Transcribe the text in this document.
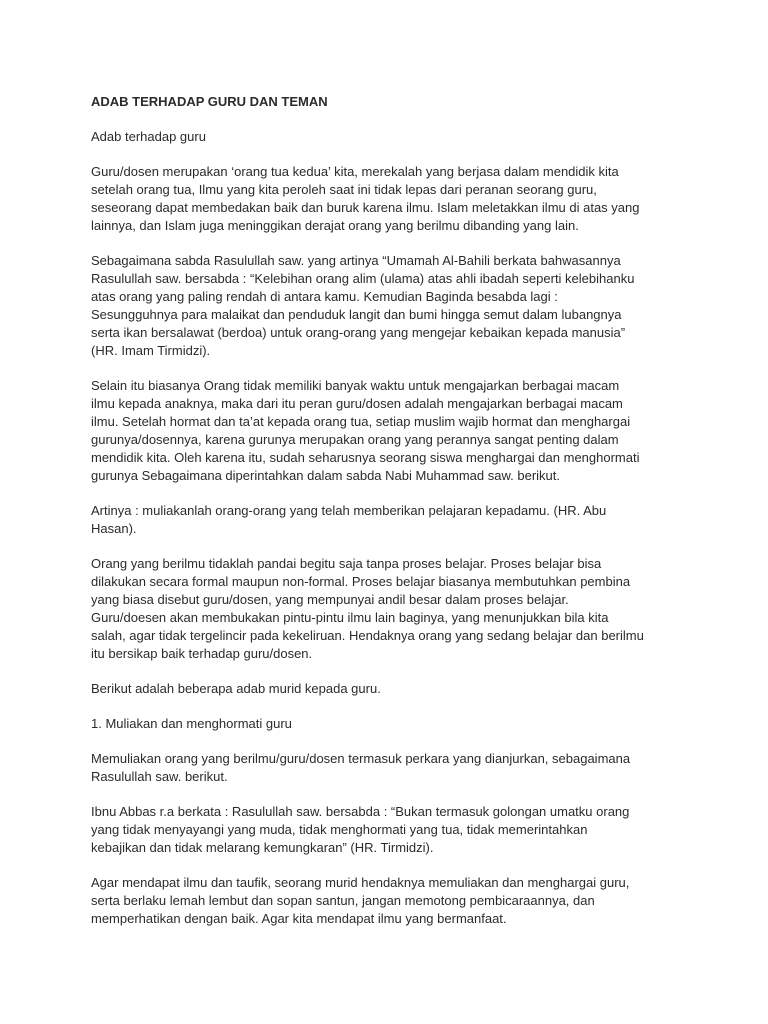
ADAB TERHADAP GURU DAN TEMAN
Adab terhadap guru
Guru/dosen merupakan ‘orang tua kedua’ kita, merekalah yang berjasa dalam mendidik kita
setelah orang tua, Ilmu yang kita peroleh saat ini tidak lepas dari peranan seorang guru,
seseorang dapat membedakan baik dan buruk karena ilmu. Islam meletakkan ilmu di atas yang
lainnya, dan Islam juga meninggikan derajat orang yang berilmu dibanding yang lain.
Sebagaimana sabda Rasulullah saw. yang artinya “Umamah Al-Bahili berkata bahwasannya
Rasulullah saw. bersabda : “Kelebihan orang alim (ulama) atas ahli ibadah seperti kelebihanku
atas orang yang paling rendah di antara kamu. Kemudian Baginda besabda lagi :
Sesungguhnya para malaikat dan penduduk langit dan bumi hingga semut dalam lubangnya
serta ikan bersalawat (berdoa) untuk orang-orang yang mengejar kebaikan kepada manusia”
(HR. Imam Tirmidzi).
Selain itu biasanya Orang tidak memiliki banyak waktu untuk mengajarkan berbagai macam
ilmu kepada anaknya, maka dari itu peran guru/dosen adalah mengajarkan berbagai macam
ilmu. Setelah hormat dan ta’at kepada orang tua, setiap muslim wajib hormat dan menghargai
gurunya/dosennya, karena gurunya merupakan orang yang perannya sangat penting dalam
mendidik kita. Oleh karena itu, sudah seharusnya seorang siswa menghargai dan menghormati
gurunya Sebagaimana diperintahkan dalam sabda Nabi Muhammad saw. berikut.
Artinya : muliakanlah orang-orang yang telah memberikan pelajaran kepadamu. (HR. Abu
Hasan).
Orang yang berilmu tidaklah pandai begitu saja tanpa proses belajar. Proses belajar bisa
dilakukan secara formal maupun non-formal. Proses belajar biasanya membutuhkan pembina
yang biasa disebut guru/dosen, yang mempunyai andil besar dalam proses belajar.
Guru/doesen akan membukakan pintu-pintu ilmu lain baginya, yang menunjukkan bila kita
salah, agar tidak tergelincir pada kekeliruan. Hendaknya orang yang sedang belajar dan berilmu
itu bersikap baik terhadap guru/dosen.
Berikut adalah beberapa adab murid kepada guru.
1. Muliakan dan menghormati guru
Memuliakan orang yang berilmu/guru/dosen termasuk perkara yang dianjurkan, sebagaimana
Rasulullah saw. berikut.
Ibnu Abbas r.a berkata : Rasulullah saw. bersabda : “Bukan termasuk golongan umatku orang
yang tidak menyayangi yang muda, tidak menghormati yang tua, tidak memerintahkan
kebajikan dan tidak melarang kemungkaran” (HR. Tirmidzi).
Agar mendapat ilmu dan taufik, seorang murid hendaknya memuliakan dan menghargai guru,
serta berlaku lemah lembut dan sopan santun, jangan memotong pembicaraannya, dan
memperhatikan dengan baik. Agar kita mendapat ilmu yang bermanfaat.
